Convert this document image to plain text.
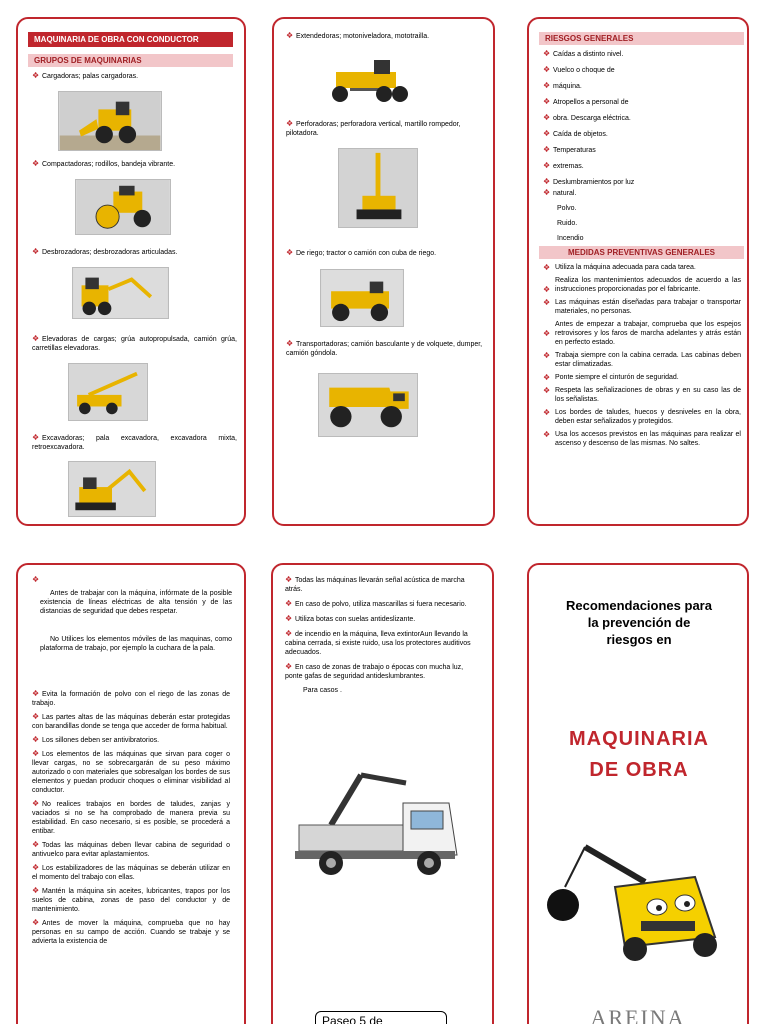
MAQUINARIA DE OBRA CON CONDUCTOR
GRUPOS DE MAQUINARIAS
❖ Cargadoras; palas cargadoras.
❖ Compactadoras; rodillos, bandeja vibrante.
❖ Desbrozadoras; desbrozadoras articuladas.
❖ Elevadoras de cargas; grúa autopropulsada, camión grúa, carretillas elevadoras.
❖ Excavadoras; pala excavadora, excavadora mixta, retroexcavadora.
❖ Extendedoras; motoniveladora, mototrailla.
❖ Perforadoras; perforadora vertical, martillo rompedor, pilotadora.
❖ De riego; tractor o camión con cuba de riego.
❖ Transportadoras; camión basculante y de volquete, dumper, camión góndola.
RIESGOS GENERALES
❖ Caídas a distinto nivel.
❖ Vuelco o choque de
❖ máquina.
❖ Atropellos a personal de
❖ obra. Descarga eléctrica.
❖ Caída de objetos.
❖ Temperaturas
❖ extremas.
❖ Deslumbramientos por luz
❖ natural.
Polvo.
Ruido.
Incendio
MEDIDAS PREVENTIVAS GENERALES
❖ Utiliza la máquina adecuada para cada tarea.
❖
Realiza los mantenimientos adecuados de acuerdo a las instrucciones proporcionadas por el fabricante.
❖ Las máquinas están diseñadas para trabajar o transportar materiales, no personas.
❖
Antes de empezar a trabajar, comprueba que los espejos retrovisores y los faros de marcha adelantes y atrás están en perfecto estado.
❖ Trabaja siempre con la cabina cerrada. Las cabinas deben estar climatizadas.
❖ Ponte siempre el cinturón de seguridad.
❖ Respeta las señalizaciones de obras y en su caso las de los señalistas.
❖ Los bordes de taludes, huecos y desniveles en la obra, deben estar señalizados y protegidos.
❖ Usa los accesos previstos en las máquinas para realizar el ascenso y descenso de las mismas. No saltes.
❖
Antes de trabajar con la máquina, infórmate de la posible existencia de líneas eléctricas de alta tensión y de las distancias de seguridad que debes respetar.
No Utilices los elementos móviles de las maquinas, como plataforma de trabajo, por ejemplo la cuchara de la pala.
❖ Evita la formación de polvo con el riego de las zonas de trabajo.
❖ Las partes altas de las máquinas deberán estar protegidas con barandillas donde se tenga que acceder de forma habitual.
❖ Los sillones deben ser antivibratorios.
❖ Los elementos de las máquinas que sirvan para coger o llevar cargas, no se sobrecargarán de su peso máximo autorizado o con materiales que sobresalgan los bordes de sus elementos y puedan producir choques o eliminar visibilidad al conductor.
❖ No realices trabajos en bordes de taludes, zanjas y vaciados si no se ha comprobado de manera previa su estabilidad. En caso necesario, si es posible, se procederá a entibar.
❖ Todas las máquinas deben llevar cabina de seguridad o antivuelco para evitar aplastamientos.
❖ Los estabilizadores de las máquinas se deberán utilizar en el momento del trabajo con ellas.
❖ Mantén la máquina sin aceites, lubricantes, trapos por los suelos de cabina, zonas de paso del conductor y de mantenimiento.
❖ Antes de mover la máquina, comprueba que no hay personas en su campo de acción. Cuando se trabaje y se advierta la existencia de
❖ Todas las máquinas llevarán señal acústica de marcha atrás.
❖ En caso de polvo, utiliza mascarillas si fuera necesario.
❖ Utiliza botas con suelas antideslizante.
❖ de incendio en la máquina, lleva extintorAun llevando la cabina cerrada, si existe ruido, usa los protectores auditivos adecuados.
❖ En caso de zonas de trabajo o épocas con mucha luz, ponte gafas de seguridad antideslumbrantes.
Para casos .
Paseo 5 de
Recomendaciones para
la prevención de
riesgos en
MAQUINARIA
DE OBRA
AREINA
